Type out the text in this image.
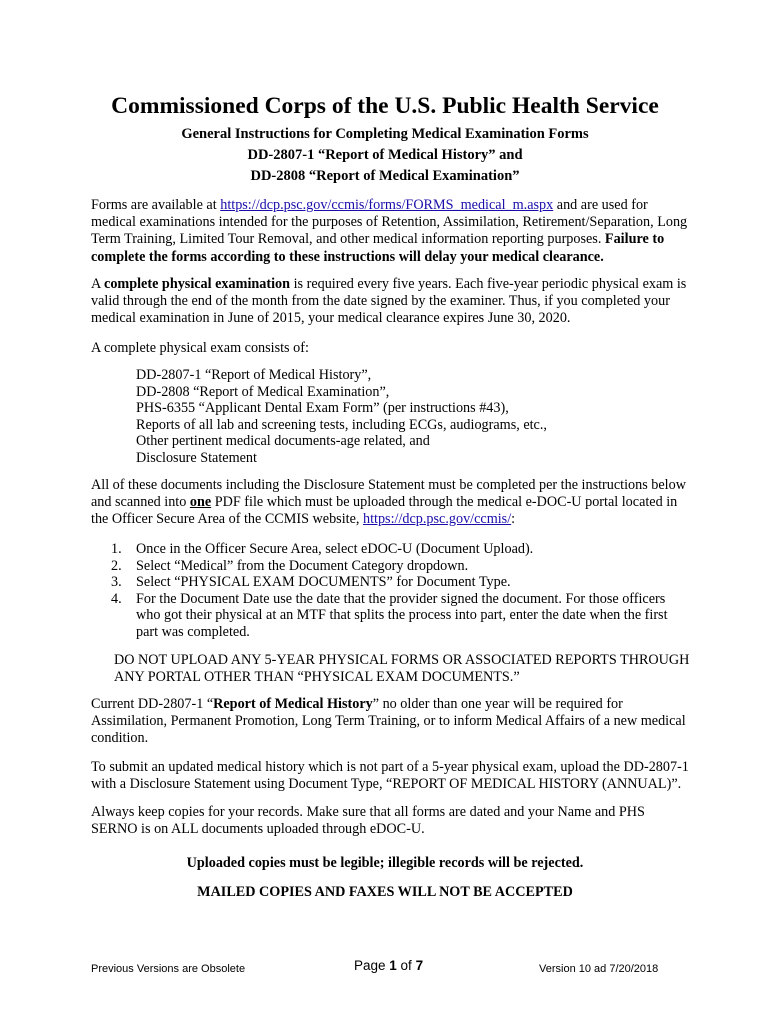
Commissioned Corps of the U.S. Public Health Service
General Instructions for Completing Medical Examination Forms
DD-2807-1 “Report of Medical History” and
DD-2808 “Report of Medical Examination”
Forms are available at https://dcp.psc.gov/ccmis/forms/FORMS_medical_m.aspx and are used for medical examinations intended for the purposes of Retention, Assimilation, Retirement/Separation, Long Term Training, Limited Tour Removal, and other medical information reporting purposes. Failure to complete the forms according to these instructions will delay your medical clearance.
A complete physical examination is required every five years. Each five-year periodic physical exam is valid through the end of the month from the date signed by the examiner. Thus, if you completed your medical examination in June of 2015, your medical clearance expires June 30, 2020.
A complete physical exam consists of:
DD-2807-1 “Report of Medical History”,
DD-2808 “Report of Medical Examination”,
PHS-6355 “Applicant Dental Exam Form” (per instructions #43),
Reports of all lab and screening tests, including ECGs, audiograms, etc.,
Other pertinent medical documents-age related, and
Disclosure Statement
All of these documents including the Disclosure Statement must be completed per the instructions below and scanned into one PDF file which must be uploaded through the medical e-DOC-U portal located in the Officer Secure Area of the CCMIS website, https://dcp.psc.gov/ccmis/:
1. Once in the Officer Secure Area, select eDOC-U (Document Upload).
2. Select “Medical” from the Document Category dropdown.
3. Select “PHYSICAL EXAM DOCUMENTS” for Document Type.
4. For the Document Date use the date that the provider signed the document. For those officers who got their physical at an MTF that splits the process into part, enter the date when the first part was completed.
DO NOT UPLOAD ANY 5-YEAR PHYSICAL FORMS OR ASSOCIATED REPORTS THROUGH ANY PORTAL OTHER THAN “PHYSICAL EXAM DOCUMENTS.”
Current DD-2807-1 “Report of Medical History” no older than one year will be required for Assimilation, Permanent Promotion, Long Term Training, or to inform Medical Affairs of a new medical condition.
To submit an updated medical history which is not part of a 5-year physical exam, upload the DD-2807-1 with a Disclosure Statement using Document Type, “REPORT OF MEDICAL HISTORY (ANNUAL)”.
Always keep copies for your records. Make sure that all forms are dated and your Name and PHS SERNO is on ALL documents uploaded through eDOC-U.
Uploaded copies must be legible; illegible records will be rejected.
MAILED COPIES AND FAXES WILL NOT BE ACCEPTED
Previous Versions are Obsolete	Page 1 of 7	Version 10 ad 7/20/2018
